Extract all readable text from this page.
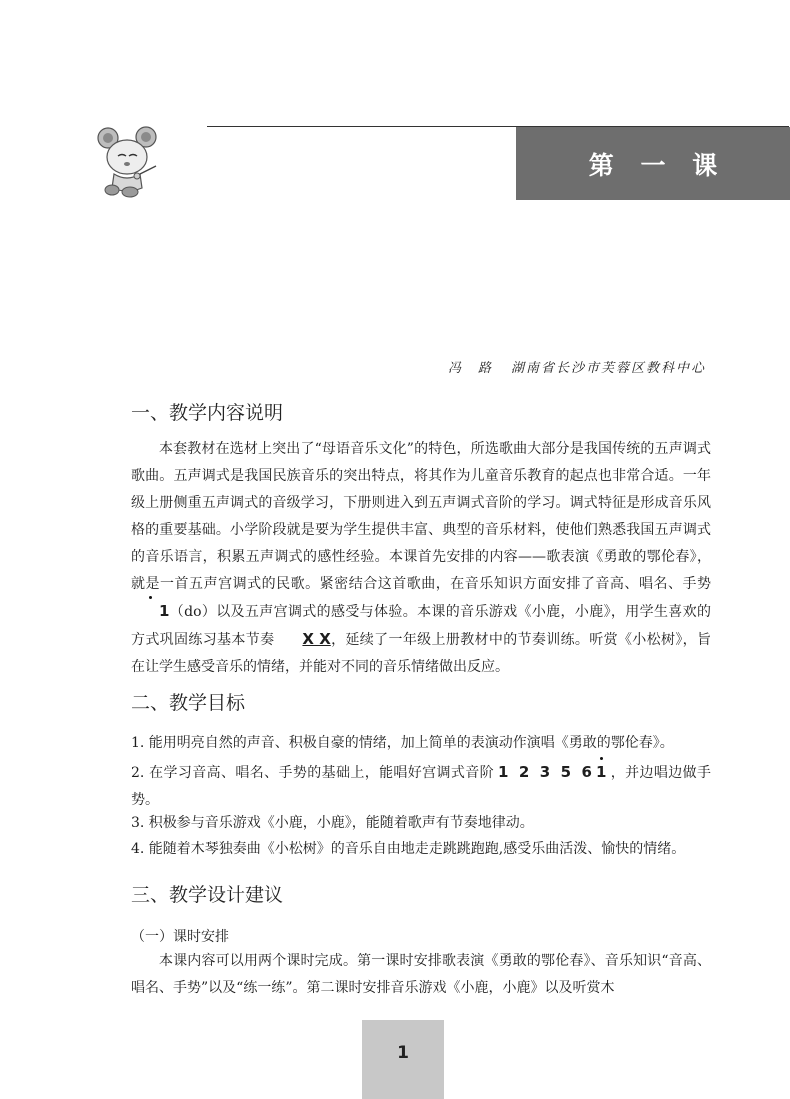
第 一 课
冯　路 湖南省长沙市芙蓉区教科中心
一、教学内容说明
本套教材在选材上突出了“母语音乐文化”的特色，所选歌曲大部分是我国传统的五声调式歌曲。五声调式是我国民族音乐的突出特点，将其作为儿童音乐教育的起点也非常合适。一年级上册侧重五声调式的音级学习，下册则进入到五声调式音阶的学习。调式特征是形成音乐风格的重要基础。小学阶段就是要为学生提供丰富、典型的音乐材料，使他们熟悉我国五声调式的音乐语言，积累五声调式的感性经验。本课首先安排的内容——歌表演《勇敢的鄂伦春》，就是一首五声宫调式的民歌。紧密结合这首歌曲，在音乐知识方面安排了音高、唱名、手势1（do）以及五声宫调式的感受与体验。本课的音乐游戏《小鹿，小鹿》，用学生喜欢的方式巩固练习基本节奏 X X，延续了一年级上册教材中的节奏训练。听赏《小松树》，旨在让学生感受音乐的情绪，并能对不同的音乐情绪做出反应。
二、教学目标
1. 能用明亮自然的声音、积极自豪的情绪，加上简单的表演动作演唱《勇敢的鄂伦春》。
2. 在学习音高、唱名、手势的基础上，能唱好宫调式音阶 1  2  3  5  6 1 ，并边唱边做手势。
3. 积极参与音乐游戏《小鹿，小鹿》，能随着歌声有节奏地律动。
4. 能随着木琴独奏曲《小松树》的音乐自由地走走跳跳跑跑,感受乐曲活泼、愉快的情绪。
三、教学设计建议
（一）课时安排
本课内容可以用两个课时完成。第一课时安排歌表演《勇敢的鄂伦春》、音乐知识“音高、唱名、手势”以及“练一练”。第二课时安排音乐游戏《小鹿，小鹿》以及听赏木
1
